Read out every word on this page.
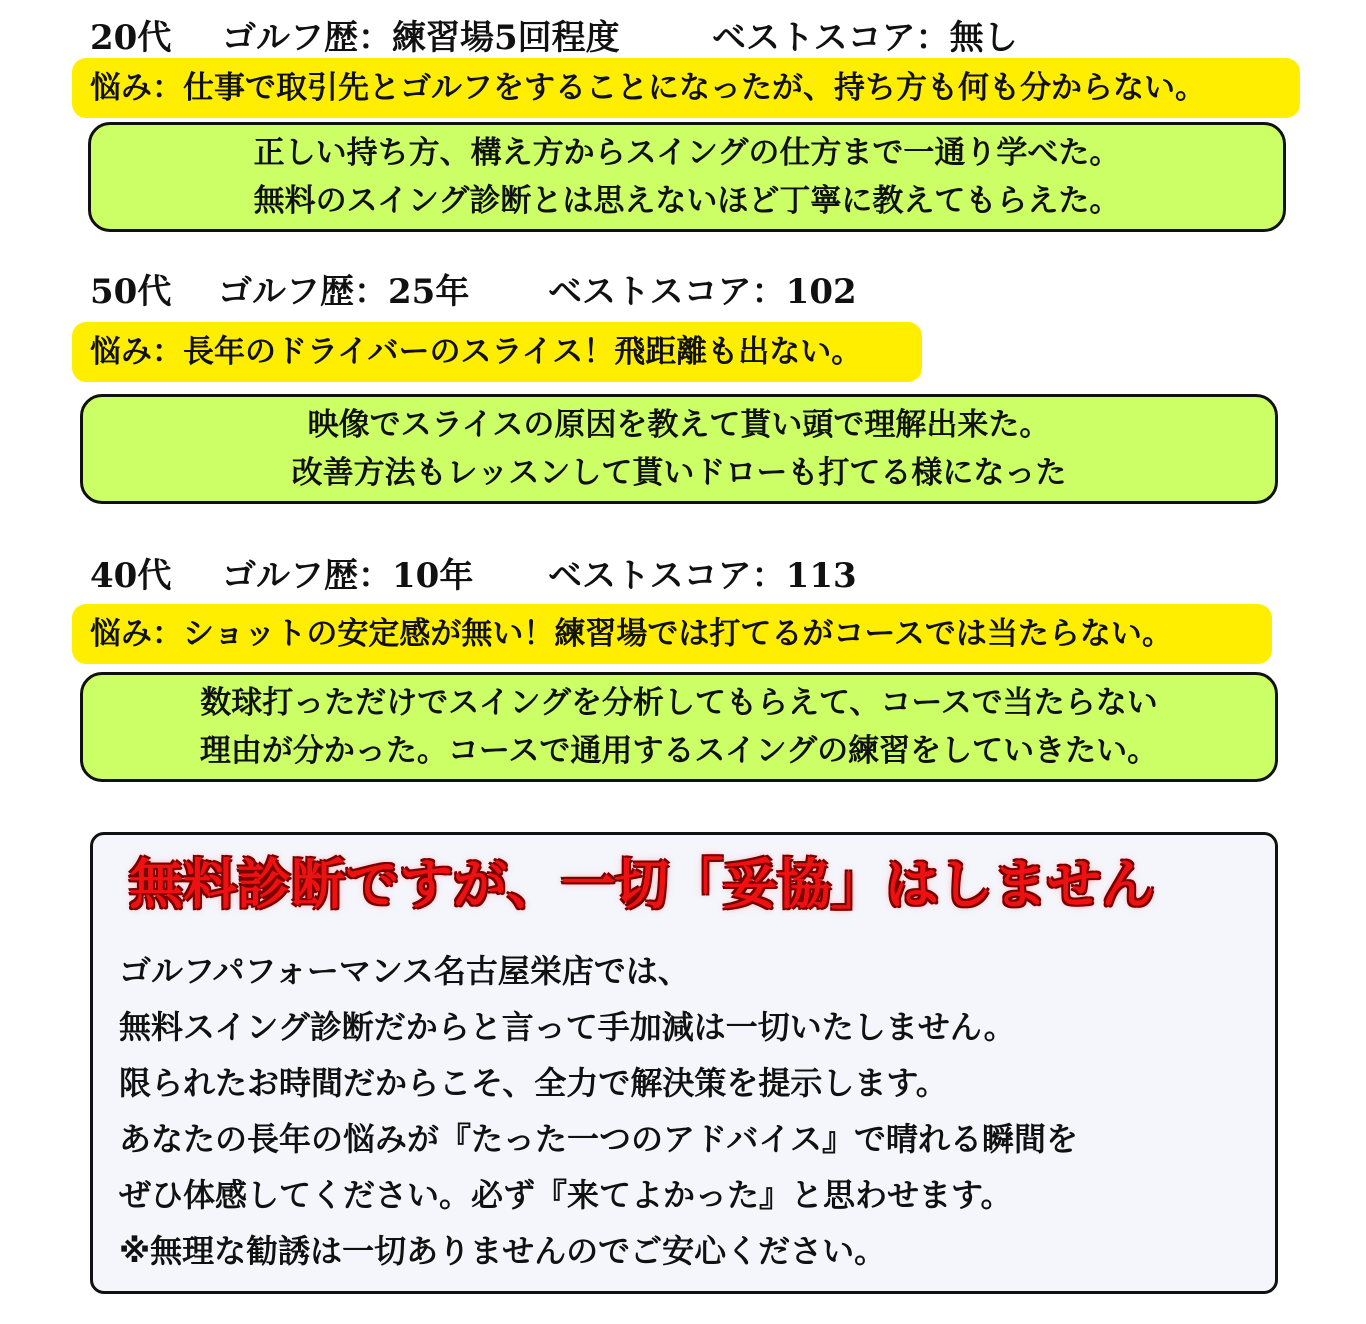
20代 ゴルフ歴：練習場5回程度	ベストスコア：無し
悩み：仕事で取引先とゴルフをすることになったが、持ち方も何も分からない。
正しい持ち方、構え方からスイングの仕方まで一通り学べた。
無料のスイング診断とは思えないほど丁寧に教えてもらえた。
50代 ゴルフ歴：25年 ベストスコア：102
悩み：長年のドライバーのスライス！飛距離も出ない。
映像でスライスの原因を教えて貰い頭で理解出来た。
改善方法もレッスンして貰いドローも打てる様になった
40代 ゴルフ歴：10年 ベストスコア：113
悩み：ショットの安定感が無い！練習場では打てるがコースでは当たらない。
数球打っただけでスイングを分析してもらえて、コースで当たらない
理由が分かった。コースで通用するスイングの練習をしていきたい。
無料診断ですが、一切「妥協」はしません
ゴルフパフォーマンス名古屋栄店では、
無料スイング診断だからと言って手加減は一切いたしません。
限られたお時間だからこそ、全力で解決策を提示します。
あなたの長年の悩みが『たった一つのアドバイス』で晴れる瞬間を
ぜひ体感してください。必ず『来てよかった』と思わせます。
※無理な勧誘は一切ありませんのでご安心ください。
